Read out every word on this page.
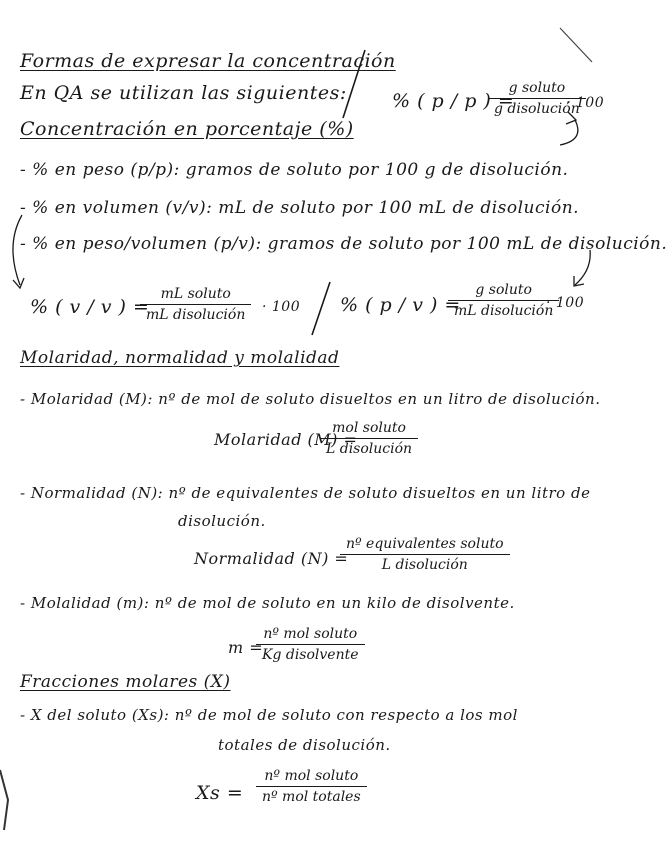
Formas de expresar la concentración
En QA se utilizan las siguientes: % ( p / p ) =
g soluto
g disolución
· 100
Concentración en porcentaje (%)
- % en peso (p/p): gramos de soluto por 100 g de disolución.
- % en volumen (v/v): mL de soluto por 100 mL de disolución.
- % en peso/volumen (p/v): gramos de soluto por 100 mL de disolución.
% ( v / v ) =
mL soluto
mL disolución	· 100 % ( p / v ) =
g soluto
mL disolución
· 100
Molaridad, normalidad y molalidad
- Molaridad (M): nº de mol de soluto disueltos en un litro de disolución.
Molaridad (M) =
mol soluto
L disolución
- Normalidad (N): nº de equivalentes de soluto disueltos en un litro de
disolución.
Normalidad (N) =
nº equivalentes soluto
L disolución
- Molalidad (m): nº de mol de soluto en un kilo de disolvente.
m =
nº mol soluto
Kg disolvente
Fracciones molares (X)
- X del soluto (Xs): nº de mol de soluto con respecto a los mol
totales de disolución.
Xs =
nº mol soluto
nº mol totales
